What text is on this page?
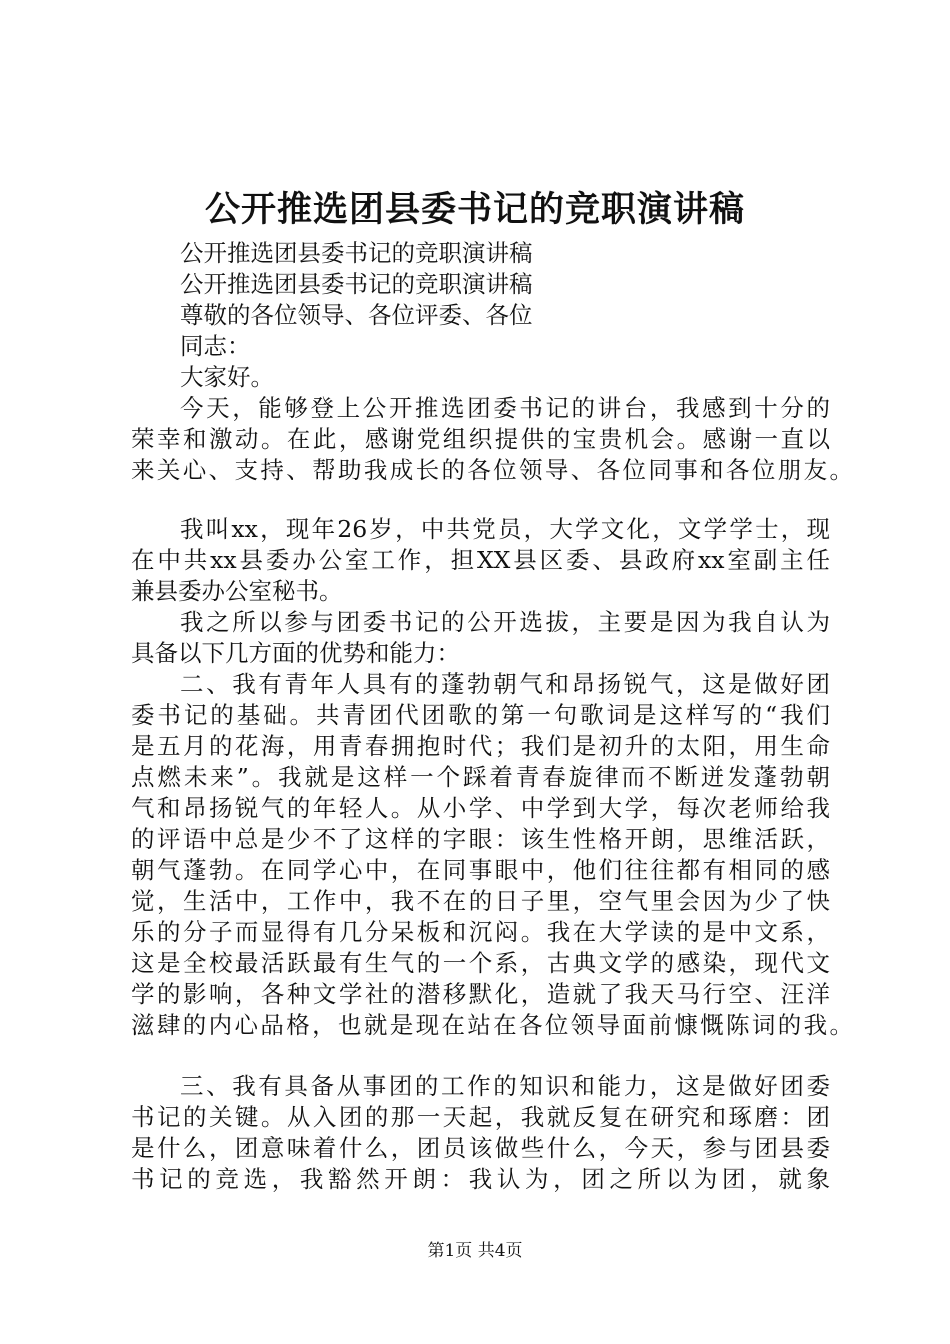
公开推选团县委书记的竞职演讲稿
公开推选团县委书记的竞职演讲稿
公开推选团县委书记的竞职演讲稿
尊敬的各位领导、各位评委、各位
同志：
大家好。
今天，能够登上公开推选团委书记的讲台，我感到十分的
荣幸和激动。在此，感谢党组织提供的宝贵机会。感谢一直以
来关心、支持、帮助我成长的各位领导、各位同事和各位朋友。
我叫xx，现年26岁，中共党员，大学文化，文学学士，现
在中共xx县委办公室工作，担XX县区委、县政府xx室副主任
兼县委办公室秘书。
我之所以参与团委书记的公开选拔，主要是因为我自认为
具备以下几方面的优势和能力：
二、我有青年人具有的蓬勃朝气和昂扬锐气，这是做好团
委书记的基础。共青团代团歌的第一句歌词是这样写的“我们
是五月的花海，用青春拥抱时代；我们是初升的太阳，用生命
点燃未来”。我就是这样一个踩着青春旋律而不断迸发蓬勃朝
气和昂扬锐气的年轻人。从小学、中学到大学，每次老师给我
的评语中总是少不了这样的字眼：该生性格开朗，思维活跃，
朝气蓬勃。在同学心中，在同事眼中，他们往往都有相同的感
觉，生活中，工作中，我不在的日子里，空气里会因为少了快
乐的分子而显得有几分呆板和沉闷。我在大学读的是中文系，
这是全校最活跃最有生气的一个系，古典文学的感染，现代文
学的影响，各种文学社的潜移默化，造就了我天马行空、汪洋
滋肆的内心品格，也就是现在站在各位领导面前慷慨陈词的我。
三、我有具备从事团的工作的知识和能力，这是做好团委
书记的关键。从入团的那一天起，我就反复在研究和琢磨：团
是什么，团意味着什么，团员该做些什么，今天，参与团县委
书记的竞选，我豁然开朗：我认为，团之所以为团，就象
第1页 共4页
